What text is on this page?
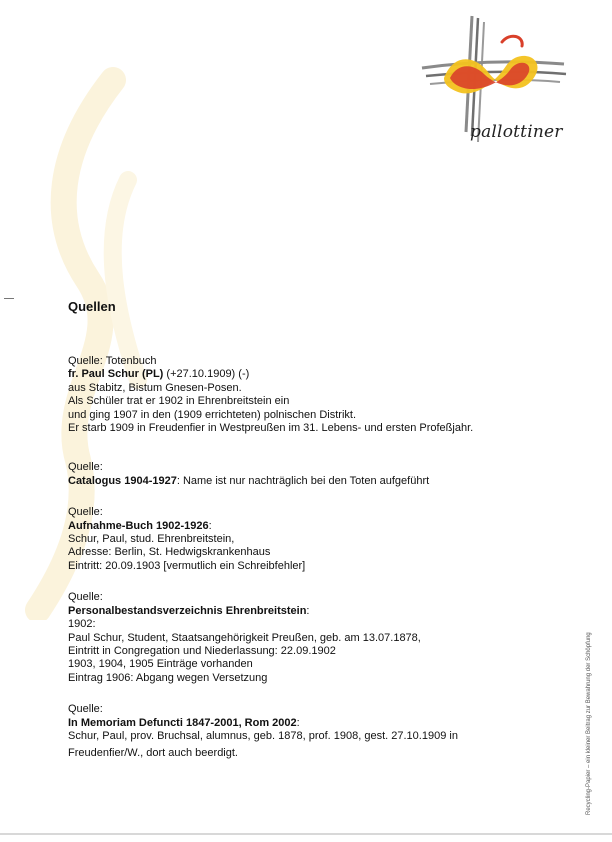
pallottiner
Recycling-Papier – ein kleiner Beitrag zur Bewahrung der Schöpfung
Quellen
Quelle: Totenbuch
fr. Paul Schur (PL) (+27.10.1909) (-)
aus Stabitz, Bistum Gnesen-Posen.
Als Schüler trat er 1902 in Ehrenbreitstein ein
und ging 1907 in den (1909 errichteten) polnischen Distrikt.
Er starb 1909 in Freudenfier in Westpreußen im 31. Lebens- und ersten Profeßjahr.
Quelle:
Catalogus 1904-1927: Name ist nur nachträglich bei den Toten aufgeführt
Quelle:
Aufnahme-Buch 1902-1926:
Schur, Paul, stud. Ehrenbreitstein,
Adresse: Berlin, St. Hedwigskrankenhaus
Eintritt: 20.09.1903 [vermutlich ein Schreibfehler]
Quelle:
Personalbestandsverzeichnis Ehrenbreitstein:
1902:
Paul Schur, Student, Staatsangehörigkeit Preußen, geb. am 13.07.1878,
Eintritt in Congregation und Niederlassung: 22.09.1902
1903, 1904, 1905 Einträge vorhanden
Eintrag 1906: Abgang wegen Versetzung
Quelle:
In Memoriam Defuncti 1847-2001, Rom 2002:
Schur, Paul, prov. Bruchsal, alumnus, geb. 1878, prof. 1908, gest. 27.10.1909 in
Freudenfier/W., dort auch beerdigt.
